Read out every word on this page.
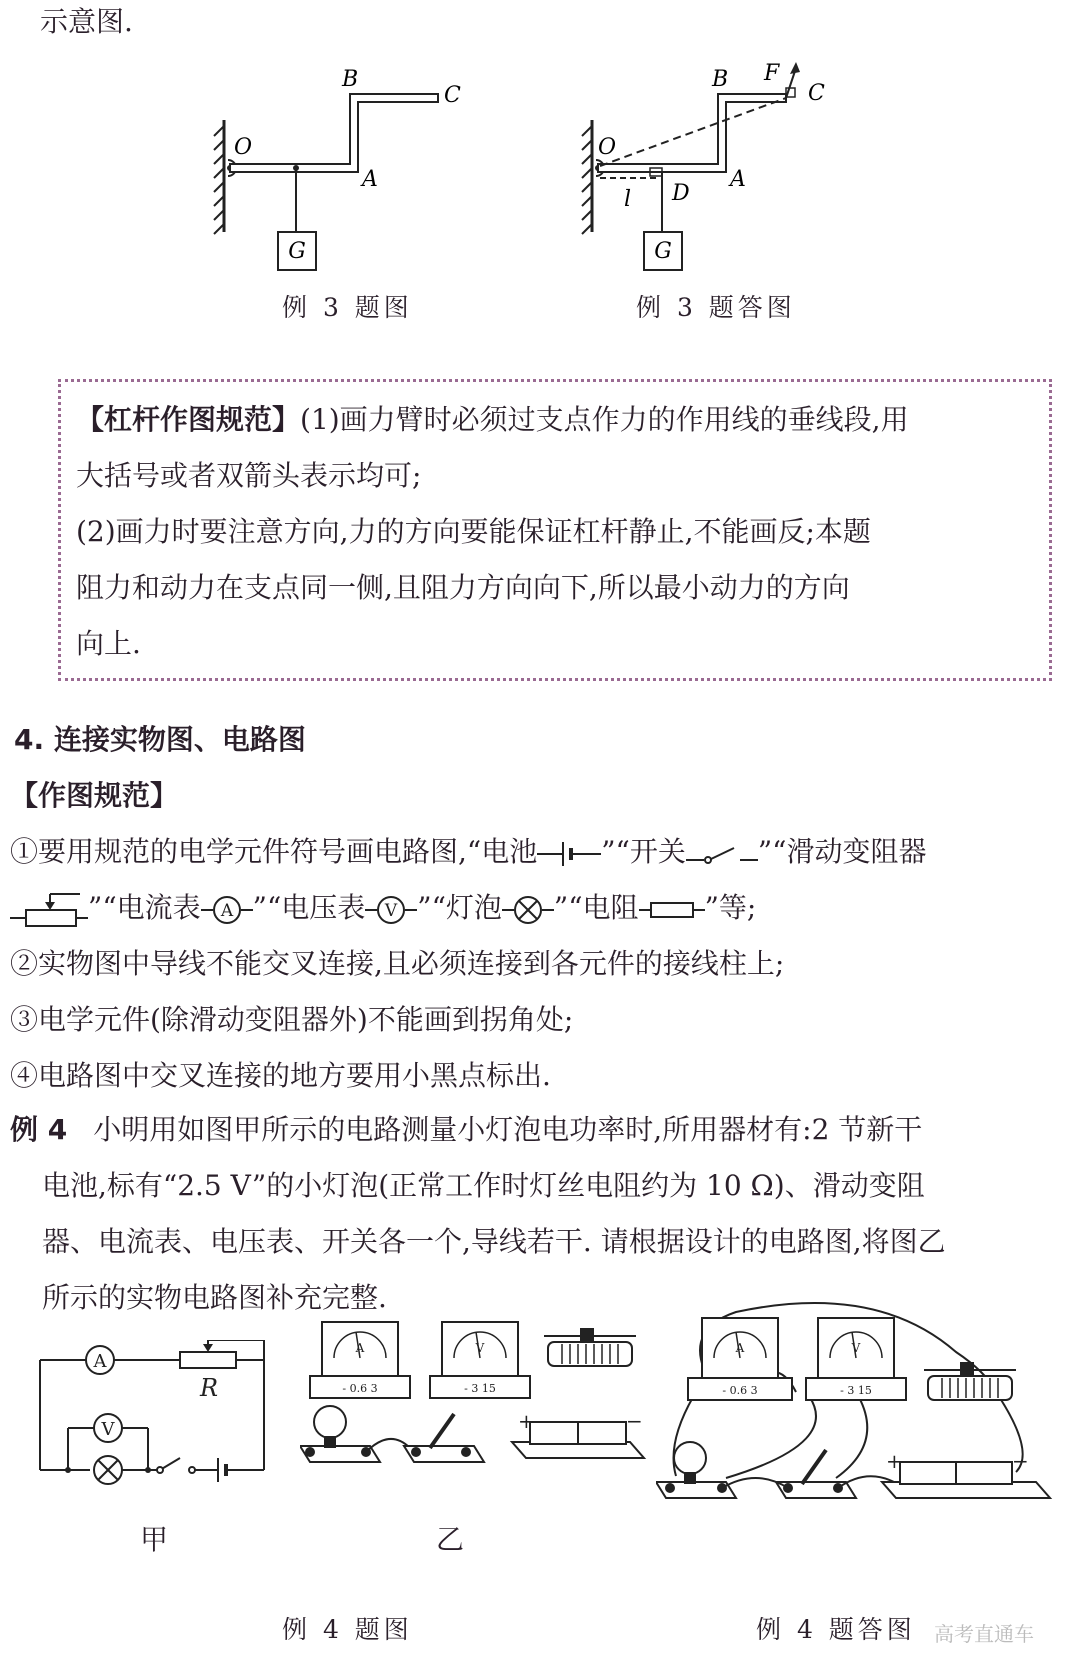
示意图.
G
O
A
B
C
例 3 题图
G
O
A
B
C
D
F
l
例 3 题答图
【杠杆作图规范】(1)画力臂时必须过支点作力的作用线的垂线段,用
大括号或者双箭头表示均可;
(2)画力时要注意方向,力的方向要能保证杠杆静止,不能画反;本题
阻力和动力在支点同一侧,且阻力方向向下,所以最小动力的方向
向上.
4. 连接实物图、电路图
【作图规范】
①要用规范的电学元件符号画电路图,“电池 ”“开关	”“滑动变阻器
”“电流表 A ”“电压表 V ”“灯泡 ”“电阻 ”等;
②实物图中导线不能交叉连接,且必须连接到各元件的接线柱上;
③电学元件(除滑动变阻器外)不能画到拐角处;
④电路图中交叉连接的地方要用小黑点标出.
例 4 小明用如图甲所示的电路测量小灯泡电功率时,所用器材有:2 节新干
电池,标有“2.5 V”的小灯泡(正常工作时灯丝电阻约为 10 Ω)、滑动变阻
器、电流表、电压表、开关各一个,导线若干. 请根据设计的电路图,将图乙
所示的实物电路图补充完整.
A
V
R
甲
A
- 0.6 3
V
- 3 15
+	−
乙
A
- 0.6 3
V
- 3 15
+	−
例 4 题图	例 4 题答图 高考直通车
